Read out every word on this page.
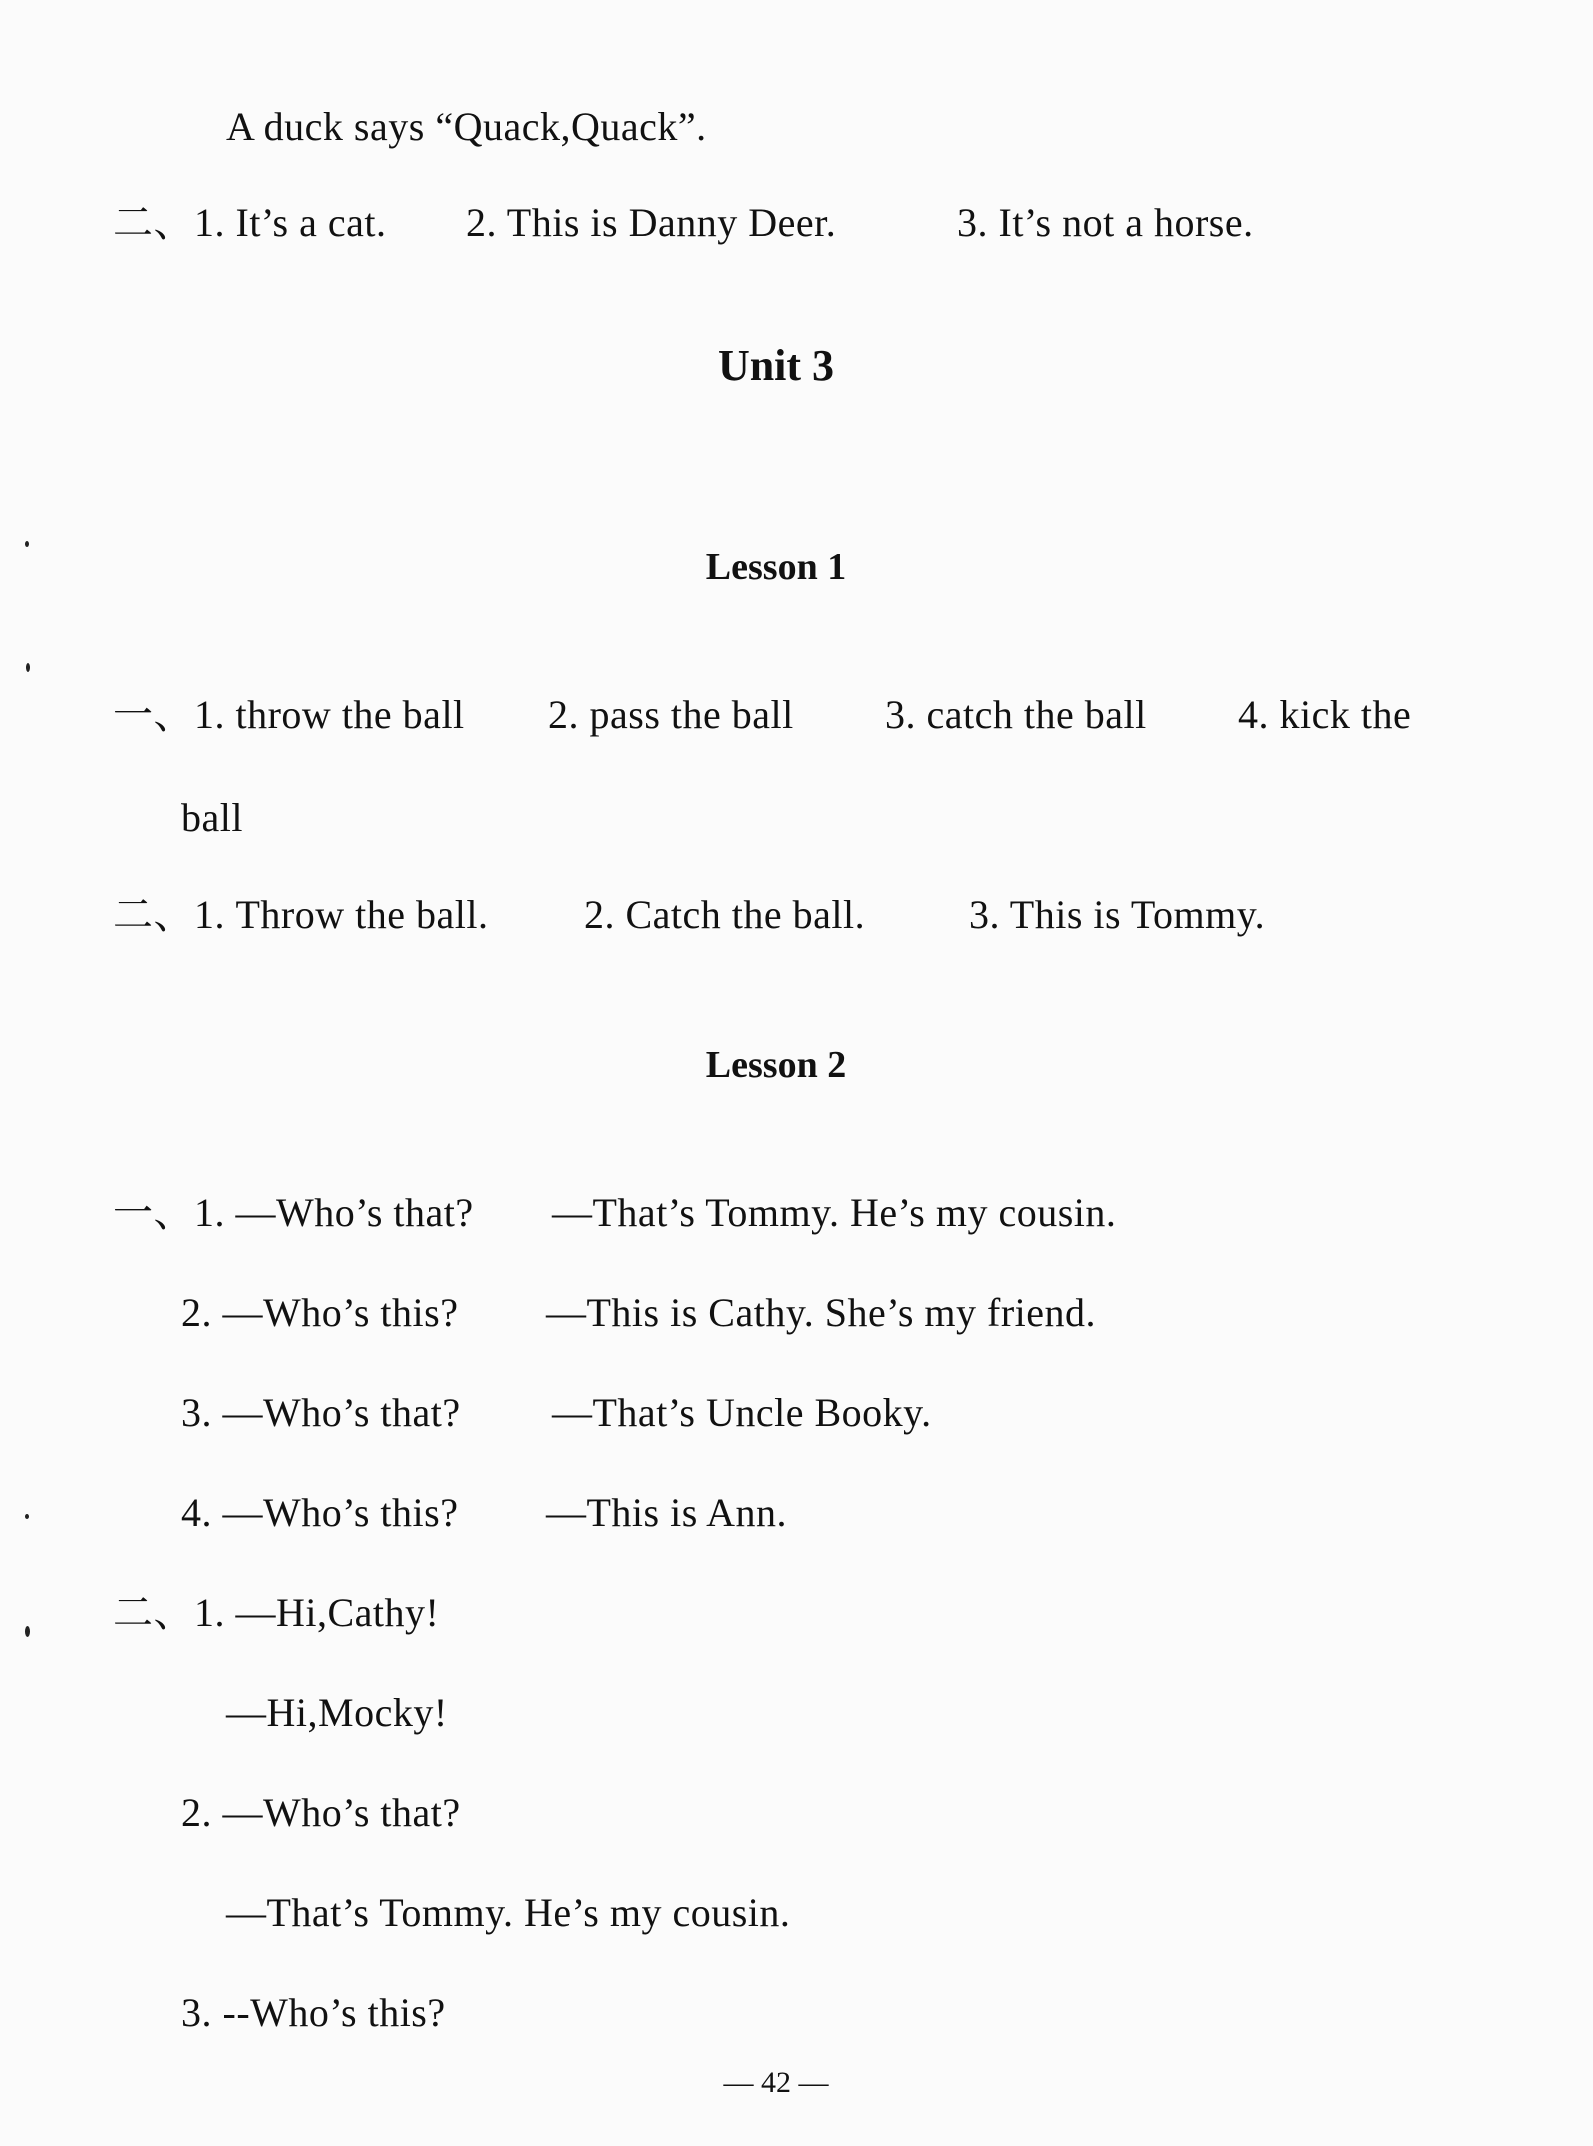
A duck says “Quack,Quack”.

二、1. It’s a cat. 2. This is Danny Deer.	3. It’s not a horse.

Unit 3
Lesson 1

一、1. throw the ball 2. pass the ball 3. catch the ball 4. kick the

ball

二、1. Throw the ball. 2. Catch the ball.	3. This is Tommy.

Lesson 2

一、1. —Who’s that? —That’s Tommy. He’s my cousin.

2. —Who’s this? —This is Cathy. She’s my friend.

3. —Who’s that? —That’s Uncle Booky.

4. —Who’s this? —This is Ann.

二、1. —Hi,Cathy!

—Hi,Mocky!

2. —Who’s that?

—That’s Tommy. He’s my cousin.

3. --Who’s this?

— 42 —
